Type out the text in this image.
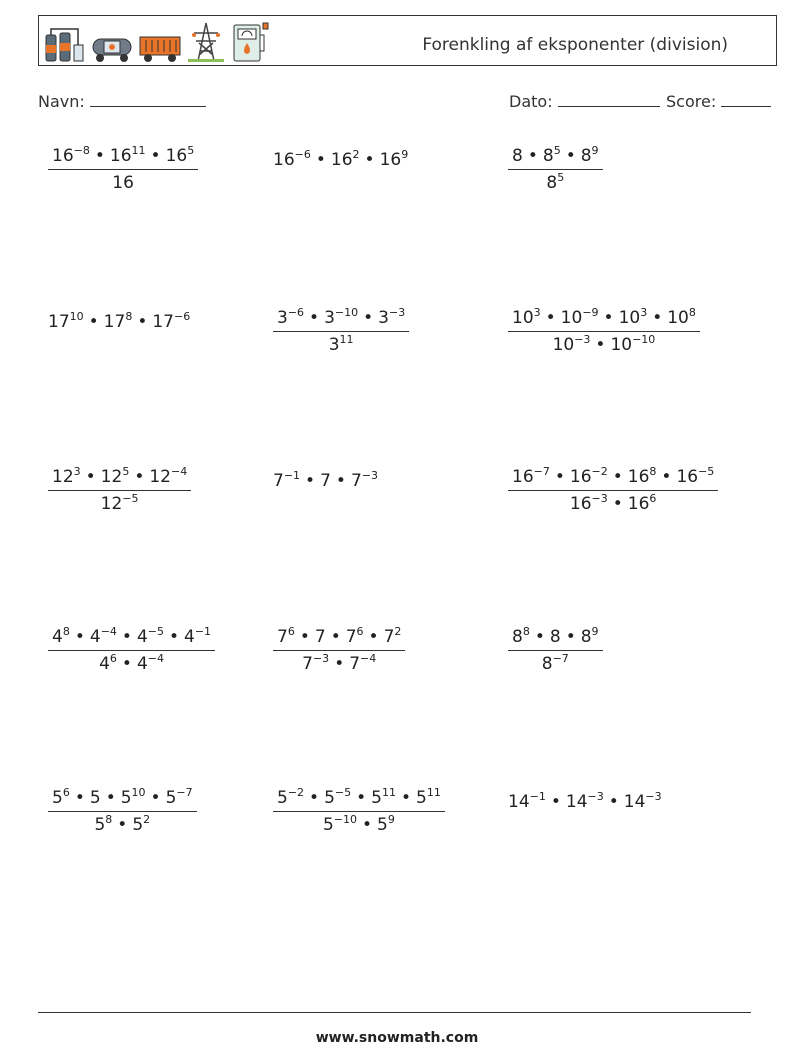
Forenkling af eksponenter (division)
Navn:	Dato:	Score:
$\frac{16^{-8} • 16^{11} • 16^5}{16}$	$16^{-6}$ • $16^2$ • $16^9$	$\frac{8 • 8^5 • 8^9}{8^5}$
$17^{10}$ • $17^8$ • $17^{-6}$	$\frac{3^{-6} • 3^{-10} • 3^{-3}}{3^{11}}$	$\frac{10^3 • 10^{-9} • 10^3 • 10^8}{10^{-3} • 10^{-10}}$
$\frac{12^3 • 12^5 • 12^{-4}}{12^{-5}}$	$7^{-1}$ • 7 • $7^{-3}$	$\frac{16^{-7} • 16^{-2} • 16^8 • 16^{-5}}{16^{-3} • 16^6}$
$\frac{4^8 • 4^{-4} • 4^{-5} • 4^{-1}}{4^6 • 4^{-4}}$	$\frac{7^6 • 7 • 7^6 • 7^2}{7^{-3} • 7^{-4}}$	$\frac{8^8 • 8 • 8^9}{8^{-7}}$
$\frac{5^6 • 5 • 5^{10} • 5^{-7}}{5^8 • 5^2}$	$\frac{5^{-2} • 5^{-5} • 5^{11} • 5^{11}}{5^{-10} • 5^9}$	$14^{-1}$ • $14^{-3}$ • $14^{-3}$
www.snowmath.com
